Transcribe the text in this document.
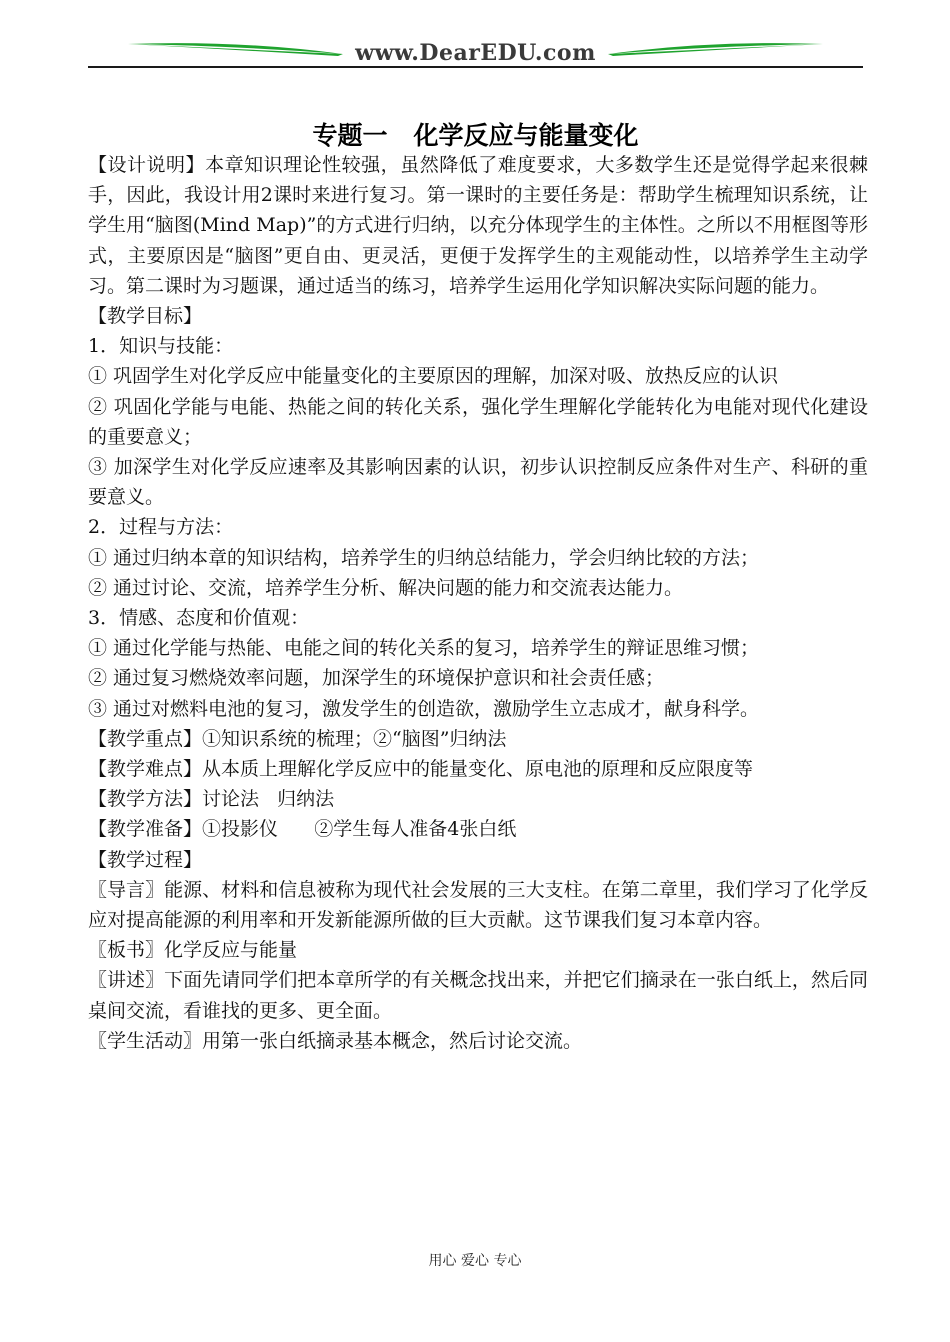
www.DearEDU.com
专题一   化学反应与能量变化

【设计说明】本章知识理论性较强，虽然降低了难度要求，大多数学生还是觉得学起来很棘手，因此，我设计用2课时来进行复习。第一课时的主要任务是：帮助学生梳理知识系统，让学生用“脑图(Mind Map)”的方式进行归纳，以充分体现学生的主体性。之所以不用框图等形式，主要原因是“脑图”更自由、更灵活，更便于发挥学生的主观能动性，以培养学生主动学习。第二课时为习题课，通过适当的练习，培养学生运用化学知识解决实际问题的能力。

【教学目标】

1．知识与技能：

① 巩固学生对化学反应中能量变化的主要原因的理解，加深对吸、放热反应的认识

② 巩固化学能与电能、热能之间的转化关系，强化学生理解化学能转化为电能对现代化建设的重要意义；

③ 加深学生对化学反应速率及其影响因素的认识，初步认识控制反应条件对生产、科研的重要意义。

2．过程与方法：

① 通过归纳本章的知识结构，培养学生的归纳总结能力，学会归纳比较的方法；

② 通过讨论、交流，培养学生分析、解决问题的能力和交流表达能力。

3．情感、态度和价值观：

① 通过化学能与热能、电能之间的转化关系的复习，培养学生的辩证思维习惯；

② 通过复习燃烧效率问题，加深学生的环境保护意识和社会责任感；

③ 通过对燃料电池的复习，激发学生的创造欲，激励学生立志成才，献身科学。

【教学重点】①知识系统的梳理；②“脑图”归纳法

【教学难点】从本质上理解化学反应中的能量变化、原电池的原理和反应限度等

【教学方法】讨论法   归纳法

【教学准备】①投影仪      ②学生每人准备4张白纸

【教学过程】

〖导言〗能源、材料和信息被称为现代社会发展的三大支柱。在第二章里，我们学习了化学反应对提高能源的利用率和开发新能源所做的巨大贡献。这节课我们复习本章内容。

〖板书〗化学反应与能量

〖讲述〗下面先请同学们把本章所学的有关概念找出来，并把它们摘录在一张白纸上，然后同桌间交流，看谁找的更多、更全面。

〖学生活动〗用第一张白纸摘录基本概念，然后讨论交流。

用心 爱心 专心
